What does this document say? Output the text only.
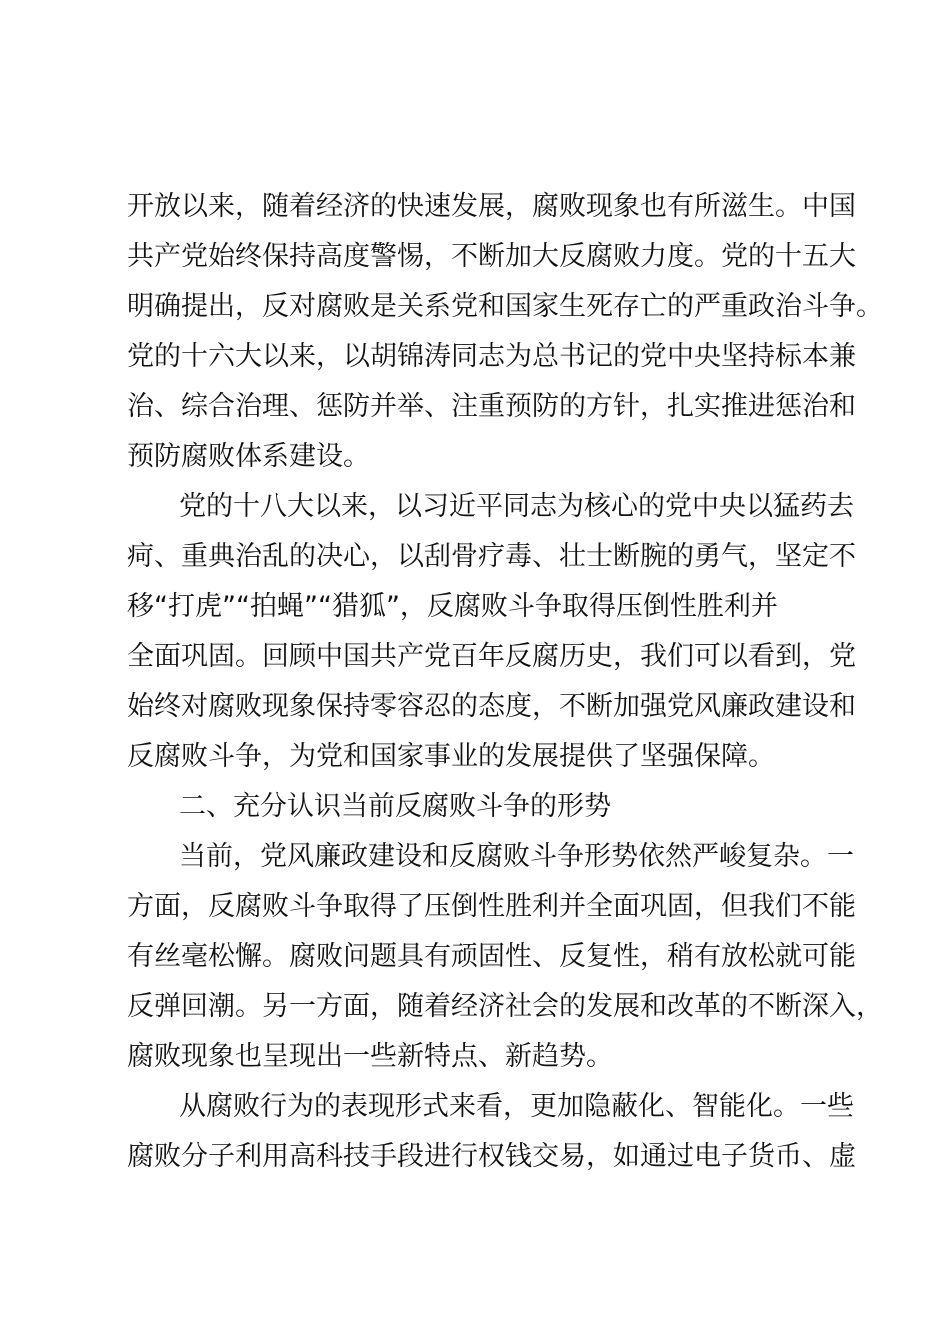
开放以来，随着经济的快速发展，腐败现象也有所滋生。中国
共产党始终保持高度警惕，不断加大反腐败力度。党的十五大
明确提出，反对腐败是关系党和国家生死存亡的严重政治斗争。
党的十六大以来，以胡锦涛同志为总书记的党中央坚持标本兼
治、综合治理、惩防并举、注重预防的方针，扎实推进惩治和
预防腐败体系建设。
党的十八大以来，以习近平同志为核心的党中央以猛药去
疴、重典治乱的决心，以刮骨疗毒、壮士断腕的勇气，坚定不
移“打虎”“拍蝇”“猎狐”，反腐败斗争取得压倒性胜利并
全面巩固。回顾中国共产党百年反腐历史，我们可以看到，党
始终对腐败现象保持零容忍的态度，不断加强党风廉政建设和
反腐败斗争，为党和国家事业的发展提供了坚强保障。
二、充分认识当前反腐败斗争的形势
当前，党风廉政建设和反腐败斗争形势依然严峻复杂。一
方面，反腐败斗争取得了压倒性胜利并全面巩固，但我们不能
有丝毫松懈。腐败问题具有顽固性、反复性，稍有放松就可能
反弹回潮。另一方面，随着经济社会的发展和改革的不断深入，
腐败现象也呈现出一些新特点、新趋势。
从腐败行为的表现形式来看，更加隐蔽化、智能化。一些
腐败分子利用高科技手段进行权钱交易，如通过电子货币、虚
